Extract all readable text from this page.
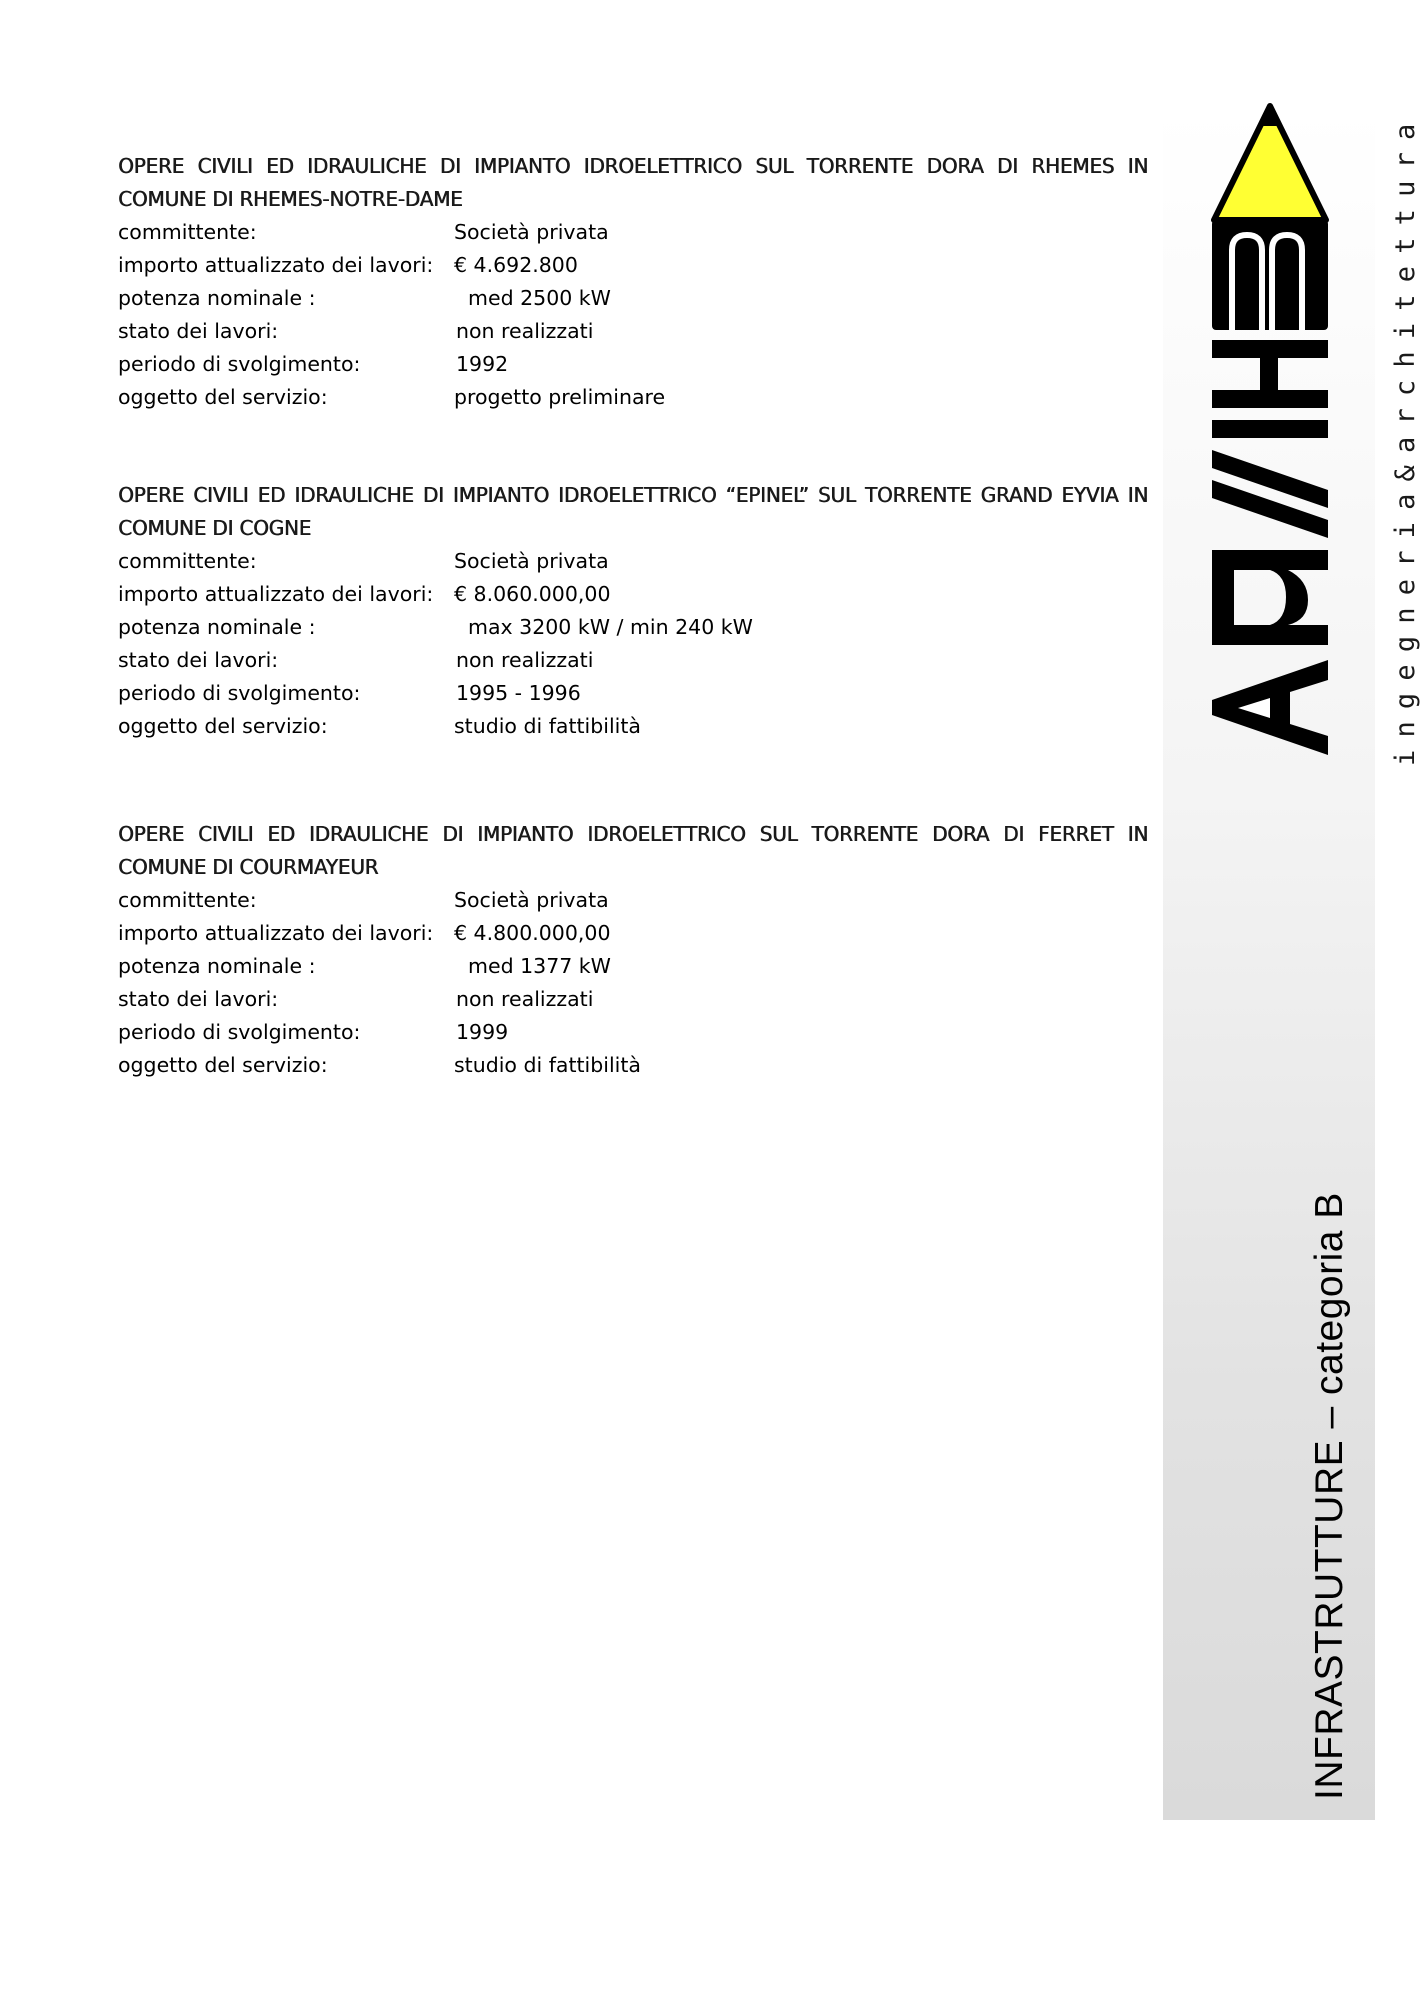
OPERE CIVILI ED IDRAULICHE DI IMPIANTO IDROELETTRICO SUL TORRENTE DORA DI RHEMES IN COMUNE DI RHEMES-NOTRE-DAME

committente:	Società privata
importo attualizzato dei lavori:	€ 4.692.800
potenza nominale :	med 2500 kW
stato dei lavori:	non realizzati
periodo di svolgimento:	1992
oggetto del servizio:	progetto preliminare

OPERE CIVILI ED IDRAULICHE DI IMPIANTO IDROELETTRICO “EPINEL” SUL TORRENTE GRAND EYVIA IN COMUNE DI COGNE

committente:	Società privata
importo attualizzato dei lavori:	€ 8.060.000,00
potenza nominale :	max 3200 kW / min 240 kW
stato dei lavori:	non realizzati
periodo di svolgimento:	1995 - 1996
oggetto del servizio:	studio di fattibilità

OPERE CIVILI ED IDRAULICHE DI IMPIANTO IDROELETTRICO SUL TORRENTE DORA DI FERRET IN COMUNE DI COURMAYEUR

committente:	Società privata
importo attualizzato dei lavori:	€ 4.800.000,00
potenza nominale :	med 1377 kW
stato dei lavori:	non realizzati
periodo di svolgimento:	1999
oggetto del servizio:	studio di fattibilità
ingegneria&architettura
INFRASTRUTTURE – categoria B
